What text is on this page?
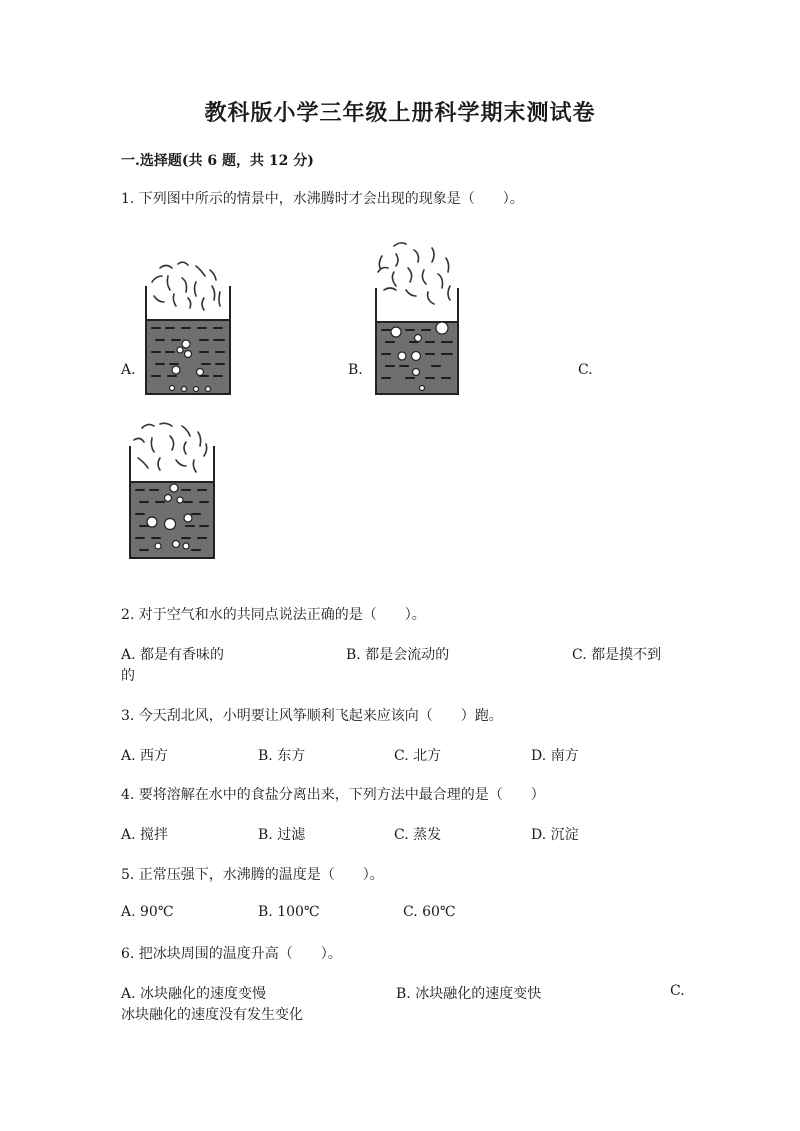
教科版小学三年级上册科学期末测试卷
一.选择题(共 6 题，共 12 分)
1. 下列图中所示的情景中，水沸腾时才会出现的现象是（　　）。
A.	B.	C.
2. 对于空气和水的共同点说法正确的是（　　）。
A. 都是有香味的	B. 都是会流动的	C. 都是摸不到
的
3. 今天刮北风，小明要让风筝顺利飞起来应该向（　　）跑。
A. 西方	B. 东方	C. 北方	D. 南方
4. 要将溶解在水中的食盐分离出来，下列方法中最合理的是（　　）
A. 搅拌	B. 过滤	C. 蒸发	D. 沉淀
5. 正常压强下，水沸腾的温度是（　　）。
A. 90℃	B. 100℃	C. 60℃
6. 把冰块周围的温度升高（　　）。
A. 冰块融化的速度变慢	B. 冰块融化的速度变快	C.
冰块融化的速度没有发生变化
